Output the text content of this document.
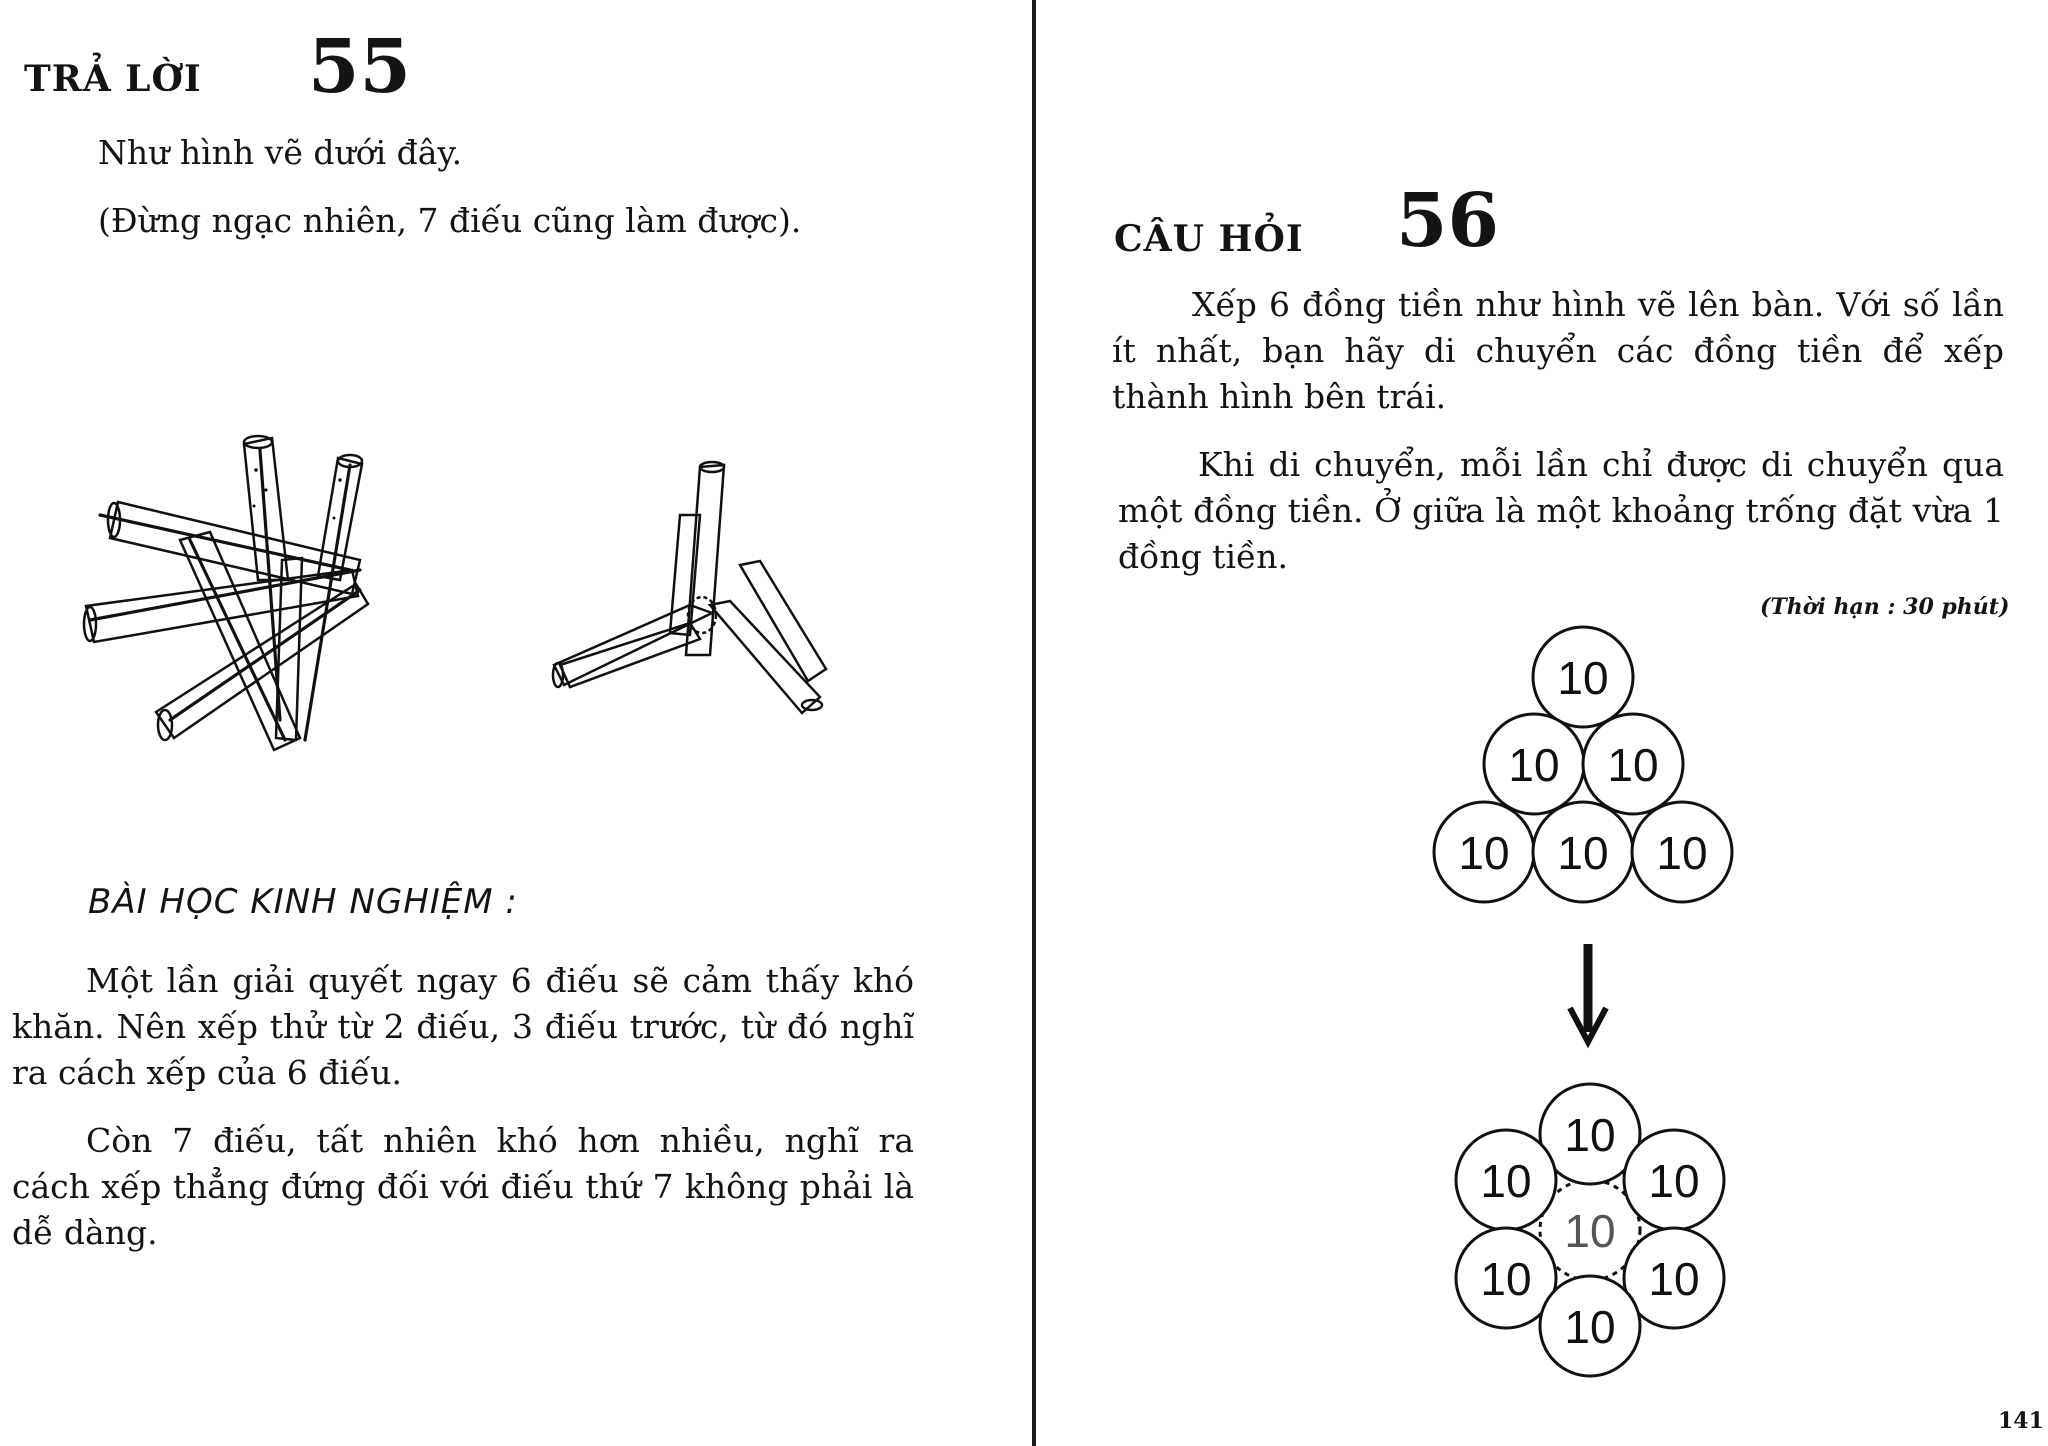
TRẢ LỜI 55
Như hình vẽ dưới đây.
(Đừng ngạc nhiên, 7 điếu cũng làm được).
BÀI HỌC KINH NGHIỆM :

Một lần giải quyết ngay 6 điếu sẽ cảm thấy khó khăn. Nên xếp thử từ 2 điếu, 3 điếu trước, từ đó nghĩ ra cách xếp của 6 điếu.

Còn 7 điếu, tất nhiên khó hơn nhiều, nghĩ ra cách xếp thẳng đứng đối với điếu thứ 7 không phải là dễ dàng.

CÂU HỎI 56

Xếp 6 đồng tiền như hình vẽ lên bàn. Với số lần ít nhất, bạn hãy di chuyển các đồng tiền để xếp thành hình bên trái.

Khi di chuyển, mỗi lần chỉ được di chuyển qua một đồng tiền. Ở giữa là một khoảng trống đặt vừa 1 đồng tiền.

(Thời hạn : 30 phút)
10
10 10
10 10 10
10
10
10	10
10	10
10
141
